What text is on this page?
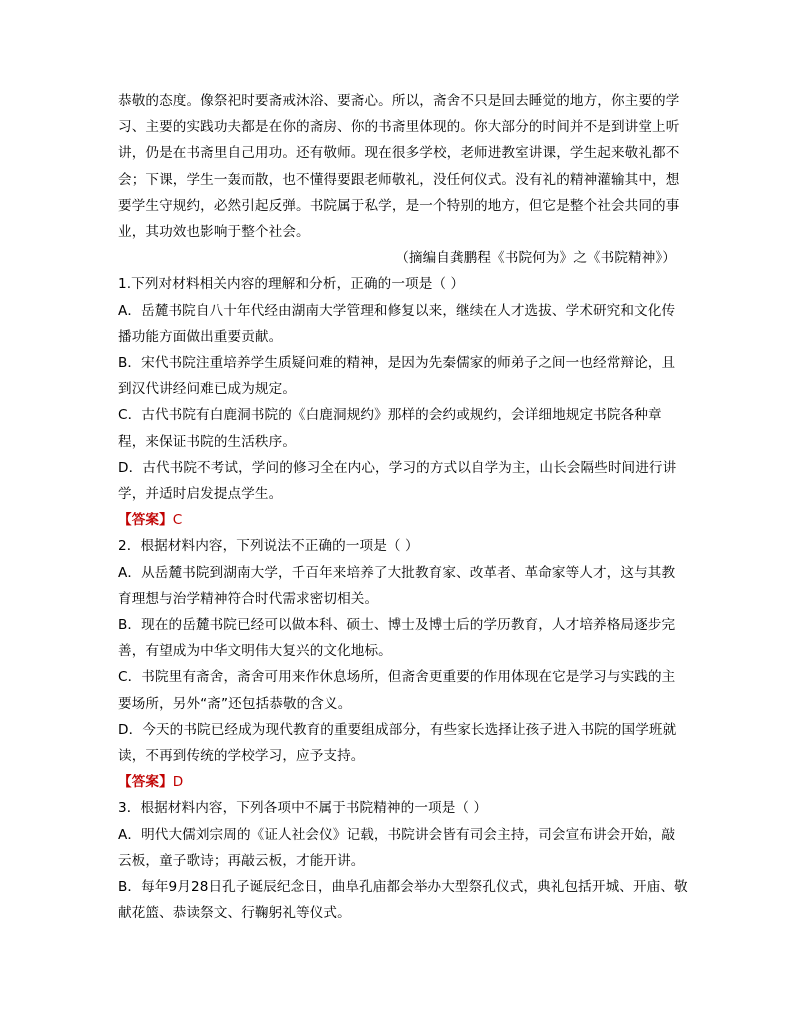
恭敬的态度。像祭祀时要斋戒沐浴、要斋心。所以，斋舍不只是回去睡觉的地方，你主要的学
习、主要的实践功夫都是在你的斋房、你的书斋里体现的。你大部分的时间并不是到讲堂上听
讲，仍是在书斋里自己用功。还有敬师。现在很多学校，老师进教室讲课，学生起来敬礼都不
会；下课，学生一轰而散，也不懂得要跟老师敬礼，没任何仪式。没有礼的精神灌输其中，想
要学生守规约，必然引起反弹。书院属于私学，是一个特别的地方，但它是整个社会共同的事
业，其功效也影响于整个社会。
（摘编自龚鹏程《书院何为》之《书院精神》）
1.下列对材料相关内容的理解和分析，正确的一项是（ ）
A．岳麓书院自八十年代经由湖南大学管理和修复以来，继续在人才选拔、学术研究和文化传
播功能方面做出重要贡献。
B．宋代书院注重培养学生质疑问难的精神，是因为先秦儒家的师弟子之间一也经常辩论，且
到汉代讲经问难已成为规定。
C．古代书院有白鹿洞书院的《白鹿洞规约》那样的会约或规约，会详细地规定书院各种章
程，来保证书院的生活秩序。
D．古代书院不考试，学问的修习全在内心，学习的方式以自学为主，山长会隔些时间进行讲
学，并适时启发提点学生。
【答案】C
2．根据材料内容，下列说法不正确的一项是（ ）
A．从岳麓书院到湖南大学，千百年来培养了大批教育家、改革者、革命家等人才，这与其教
育理想与治学精神符合时代需求密切相关。
B．现在的岳麓书院已经可以做本科、硕士、博士及博士后的学历教育，人才培养格局逐步完
善，有望成为中华文明伟大复兴的文化地标。
C．书院里有斋舍，斋舍可用来作休息场所，但斋舍更重要的作用体现在它是学习与实践的主
要场所，另外“斋”还包括恭敬的含义。
D．今天的书院已经成为现代教育的重要组成部分，有些家长选择让孩子进入书院的国学班就
读，不再到传统的学校学习，应予支持。
【答案】D
3．根据材料内容，下列各项中不属于书院精神的一项是（ ）
A．明代大儒刘宗周的《证人社会仪》记载，书院讲会皆有司会主持，司会宣布讲会开始，敲
云板，童子歌诗；再敲云板，才能开讲。
B．每年9月28日孔子诞辰纪念日，曲阜孔庙都会举办大型祭孔仪式，典礼包括开城、开庙、敬
献花篮、恭读祭文、行鞠躬礼等仪式。
